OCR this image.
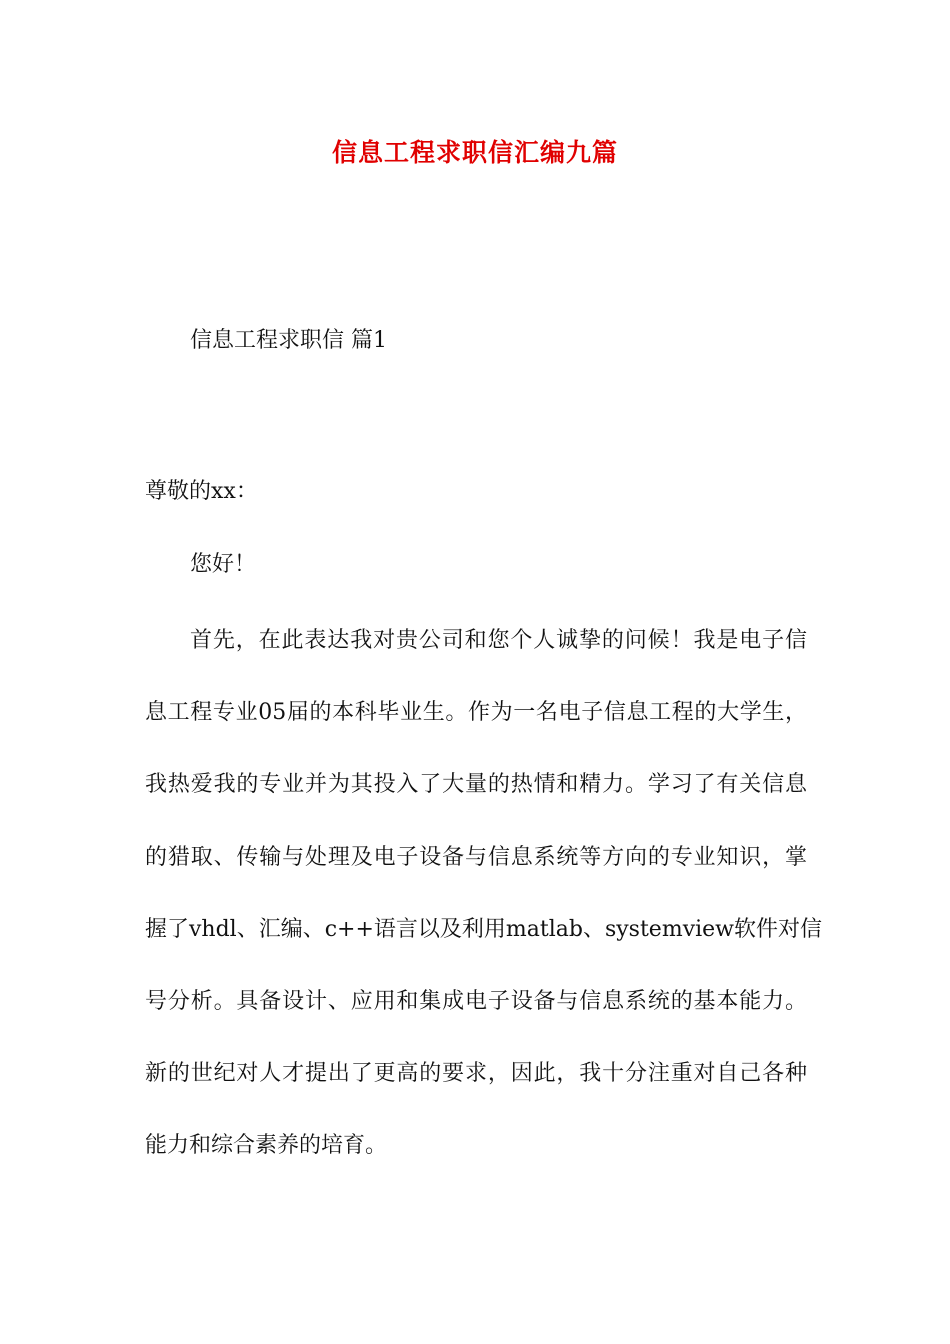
信息工程求职信汇编九篇
信息工程求职信 篇1
尊敬的xx：
您好！
首先，在此表达我对贵公司和您个人诚挚的问候！我是电子信
息工程专业05届的本科毕业生。作为一名电子信息工程的大学生，
我热爱我的专业并为其投入了大量的热情和精力。学习了有关信息
的猎取、传输与处理及电子设备与信息系统等方向的专业知识，掌
握了vhdl、汇编、c++语言以及利用matlab、systemview软件对信
号分析。具备设计、应用和集成电子设备与信息系统的基本能力。
新的世纪对人才提出了更高的要求，因此，我十分注重对自己各种
能力和综合素养的培育。
